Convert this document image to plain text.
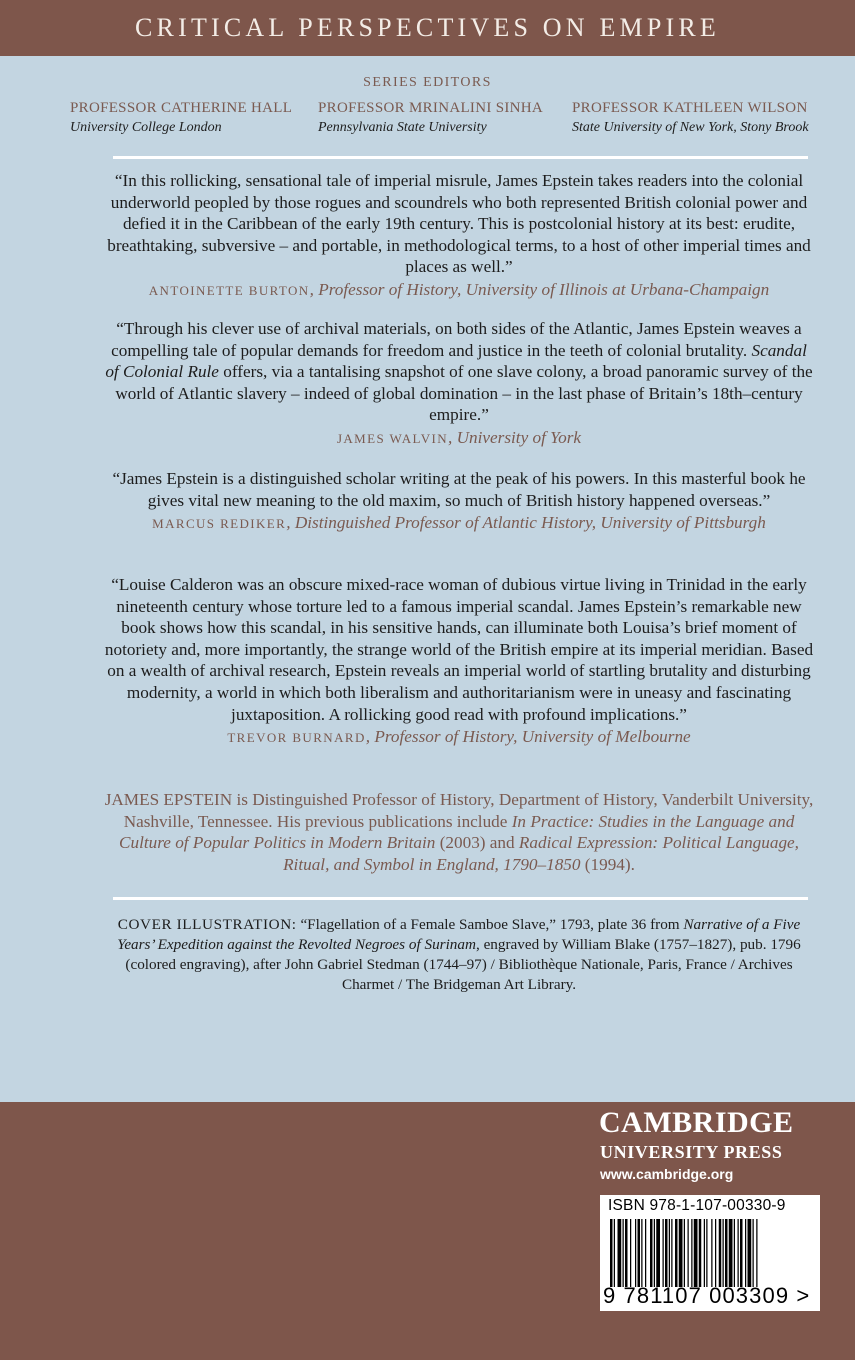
CRITICAL PERSPECTIVES ON EMPIRE
SERIES EDITORS
PROFESSOR CATHERINE HALL
University College London
PROFESSOR MRINALINI SINHA
Pennsylvania State University
PROFESSOR KATHLEEN WILSON
State University of New York, Stony Brook

“In this rollicking, sensational tale of imperial misrule, James Epstein takes readers into the colonial underworld peopled by those rogues and scoundrels who both represented British colonial power and defied it in the Caribbean of the early 19th century. This is postcolonial history at its best: erudite, breathtaking, subversive – and portable, in methodological terms, to a host of other imperial times and places as well.”

ANTOINETTE BURTON, Professor of History, University of Illinois at Urbana-Champaign

“Through his clever use of archival materials, on both sides of the Atlantic, James Epstein weaves a compelling tale of popular demands for freedom and justice in the teeth of colonial brutality. Scandal of Colonial Rule offers, via a tantalising snapshot of one slave colony, a broad panoramic survey of the world of Atlantic slavery – indeed of global domination – in the last phase of Britain’s 18th–century empire.”

JAMES WALVIN, University of York

“James Epstein is a distinguished scholar writing at the peak of his powers. In this masterful book he gives vital new meaning to the old maxim, so much of British history happened overseas.”

MARCUS REDIKER, Distinguished Professor of Atlantic History, University of Pittsburgh

“Louise Calderon was an obscure mixed-race woman of dubious virtue living in Trinidad in the early nineteenth century whose torture led to a famous imperial scandal. James Epstein’s remarkable new book shows how this scandal, in his sensitive hands, can illuminate both Louisa’s brief moment of notoriety and, more importantly, the strange world of the British empire at its imperial meridian. Based on a wealth of archival research, Epstein reveals an imperial world of startling brutality and disturbing modernity, a world in which both liberalism and authoritarianism were in uneasy and fascinating juxtaposition. A rollicking good read with profound implications.”

TREVOR BURNARD, Professor of History, University of Melbourne

JAMES EPSTEIN is Distinguished Professor of History, Department of History, Vanderbilt University, Nashville, Tennessee. His previous publications include In Practice: Studies in the Language and Culture of Popular Politics in Modern Britain (2003) and Radical Expression: Political Language, Ritual, and Symbol in England, 1790–1850 (1994).

COVER ILLUSTRATION: “Flagellation of a Female Samboe Slave,” 1793, plate 36 from Narrative of a Five Years’ Expedition against the Revolted Negroes of Surinam, engraved by William Blake (1757–1827), pub. 1796 (colored engraving), after John Gabriel Stedman (1744–97) / Bibliothèque Nationale, Paris, France / Archives Charmet / The Bridgeman Art Library.

CAMBRIDGE
UNIVERSITY PRESS
www.cambridge.org
ISBN 978-1-107-00330-9
9 781107 003309 >
